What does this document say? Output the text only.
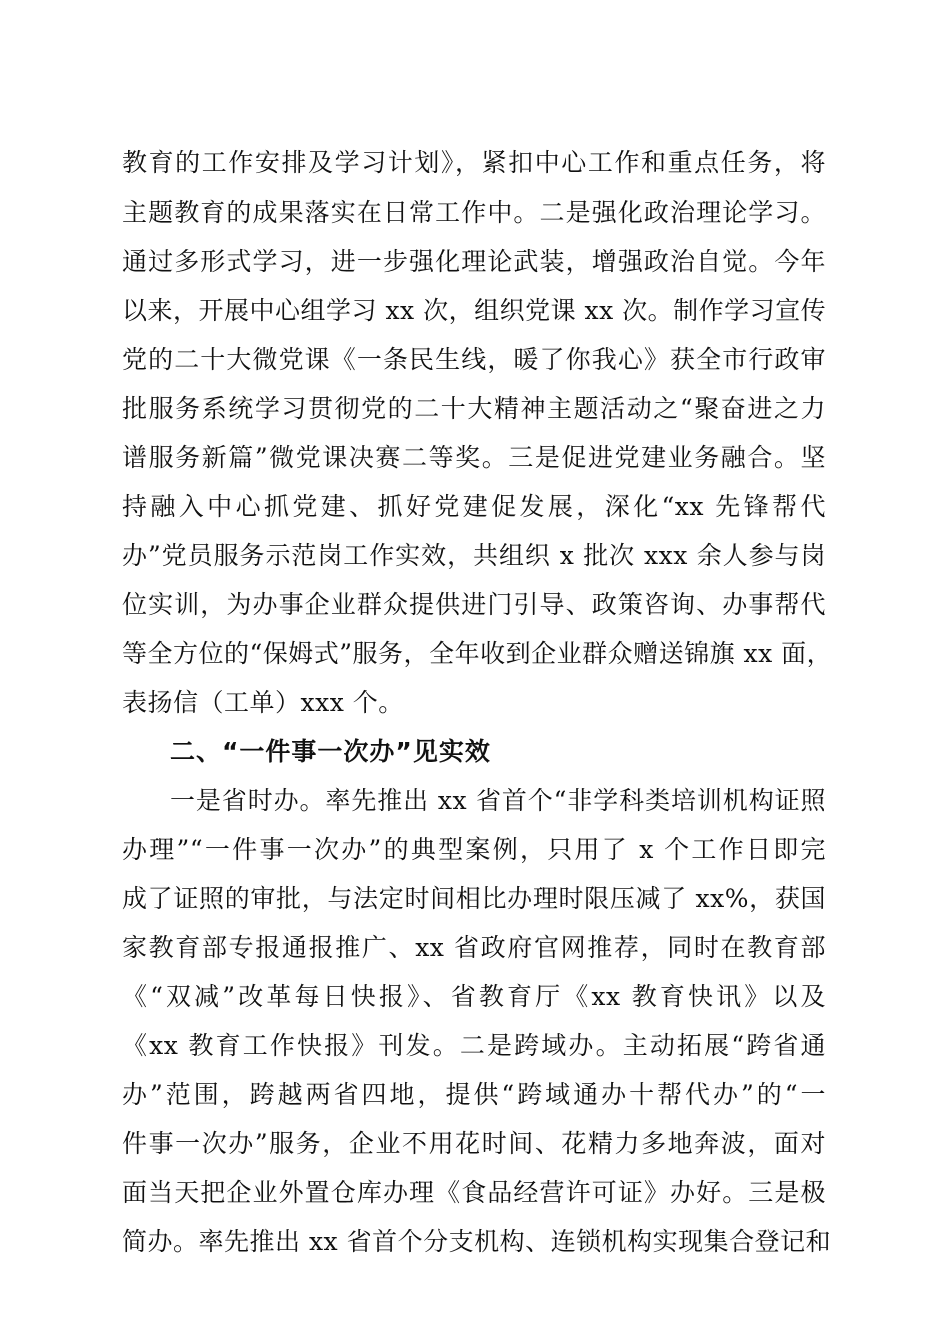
教育的工作安排及学习计划》，紧扣中心工作和重点任务，将
主题教育的成果落实在日常工作中。二是强化政治理论学习。
通过多形式学习，进一步强化理论武装，增强政治自觉。今年
以来，开展中心组学习 xx 次，组织党课 xx 次。制作学习宣传
党的二十大微党课《一条民生线，暖了你我心》获全市行政审
批服务系统学习贯彻党的二十大精神主题活动之“聚奋进之力
谱服务新篇”微党课决赛二等奖。三是促进党建业务融合。坚
持融入中心抓党建、抓好党建促发展，深化“xx 先锋帮代
办”党员服务示范岗工作实效，共组织 x 批次 xxx 余人参与岗
位实训，为办事企业群众提供进门引导、政策咨询、办事帮代
等全方位的“保姆式”服务，全年收到企业群众赠送锦旗 xx 面，
表扬信（工单）xxx 个。
二、“一件事一次办”见实效
一是省时办。率先推出 xx 省首个“非学科类培训机构证照
办理”“一件事一次办”的典型案例，只用了 x 个工作日即完
成了证照的审批，与法定时间相比办理时限压减了 xx%，获国
家教育部专报通报推广、xx 省政府官网推荐，同时在教育部
《“双减”改革每日快报》、省教育厅《xx 教育快讯》以及
《xx 教育工作快报》刊发。二是跨域办。主动拓展“跨省通
办”范围，跨越两省四地，提供“跨域通办十帮代办”的“一
件事一次办”服务，企业不用花时间、花精力多地奔波，面对
面当天把企业外置仓库办理《食品经营许可证》办好。三是极
简办。率先推出 xx 省首个分支机构、连锁机构实现集合登记和
